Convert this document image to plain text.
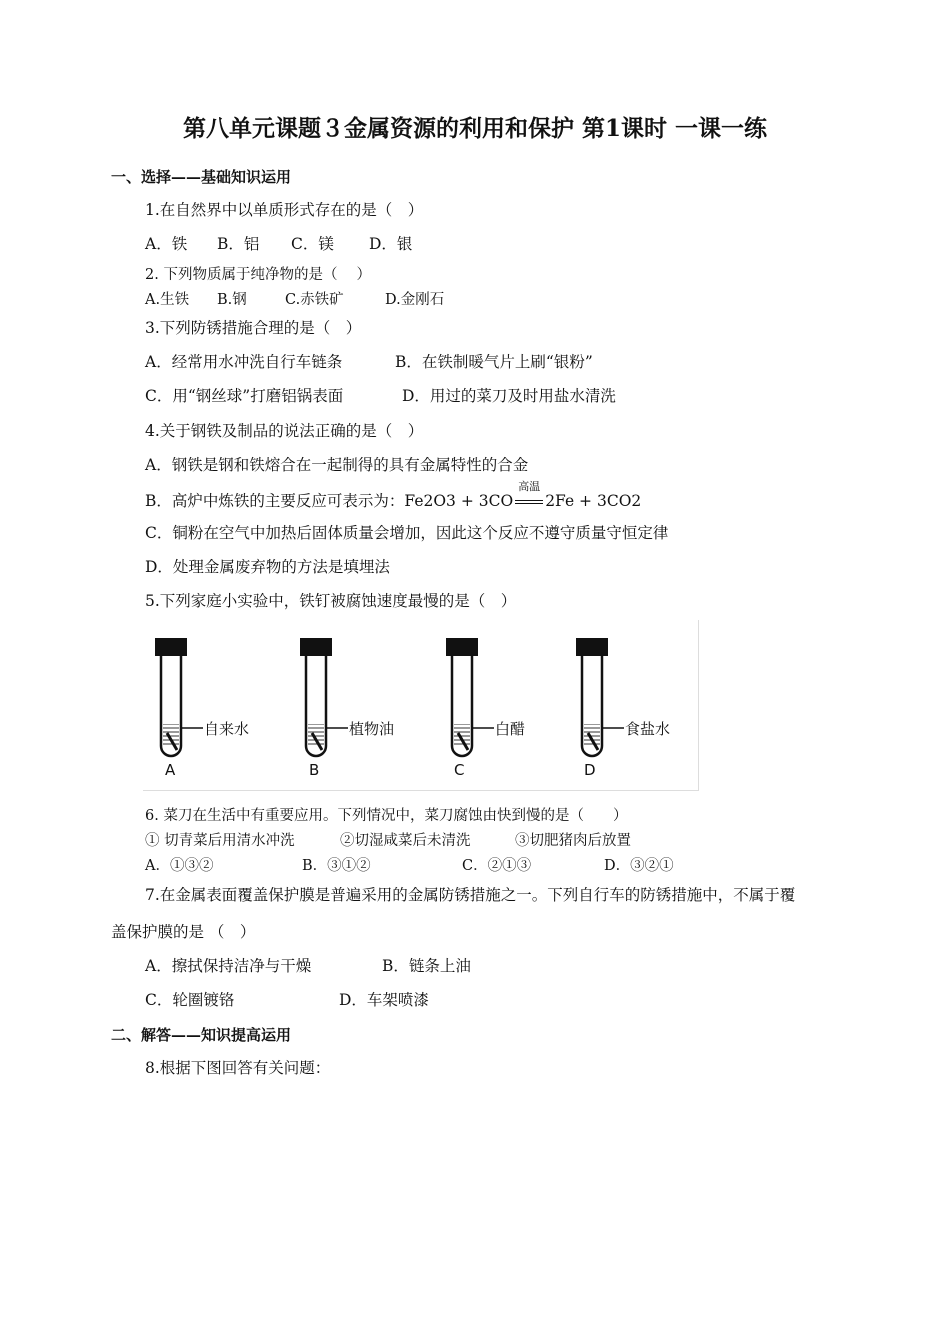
第八单元课题３金属资源的利用和保护 第1课时 一课一练
一、选择——基础知识运用
1.在自然界中以单质形式存在的是（　）
A．铁 B．铝 C．镁 D．银
2. 下列物质属于纯净物的是（　 ）
A.生铁 B.钢	C.赤铁矿	D.金刚石
3.下列防锈措施合理的是（　）
A．经常用水冲洗自行车链条	B．在铁制暖气片上刷“银粉”
C．用“钢丝球”打磨铝锅表面	D．用过的菜刀及时用盐水清洗
4.关于钢铁及制品的说法正确的是（　）
A．钢铁是钢和铁熔合在一起制得的具有金属特性的合金
B．高炉中炼铁的主要反应可表示为：Fe2O3 + 3CO
高温
2Fe + 3CO2
C．铜粉在空气中加热后固体质量会增加，因此这个反应不遵守质量守恒定律
D．处理金属废弃物的方法是填埋法
5.下列家庭小实验中，铁钉被腐蚀速度最慢的是（　）
自来水	植物油	白醋	食盐水
A	B	C	D
6. 菜刀在生活中有重要应用。下列情况中，菜刀腐蚀由快到慢的是（　　）
① 切青菜后用清水冲洗	②切湿咸菜后未清洗	③切肥猪肉后放置
A．①③②	B．③①②	C．②①③	D．③②①
7.在金属表面覆盖保护膜是普遍采用的金属防锈措施之一。下列自行车的防锈措施中，不属于覆
盖保护膜的是 （　）
A．擦拭保持洁净与干燥	B．链条上油
C．轮圈镀铬	D．车架喷漆
二、解答——知识提高运用
8.根据下图回答有关问题：
